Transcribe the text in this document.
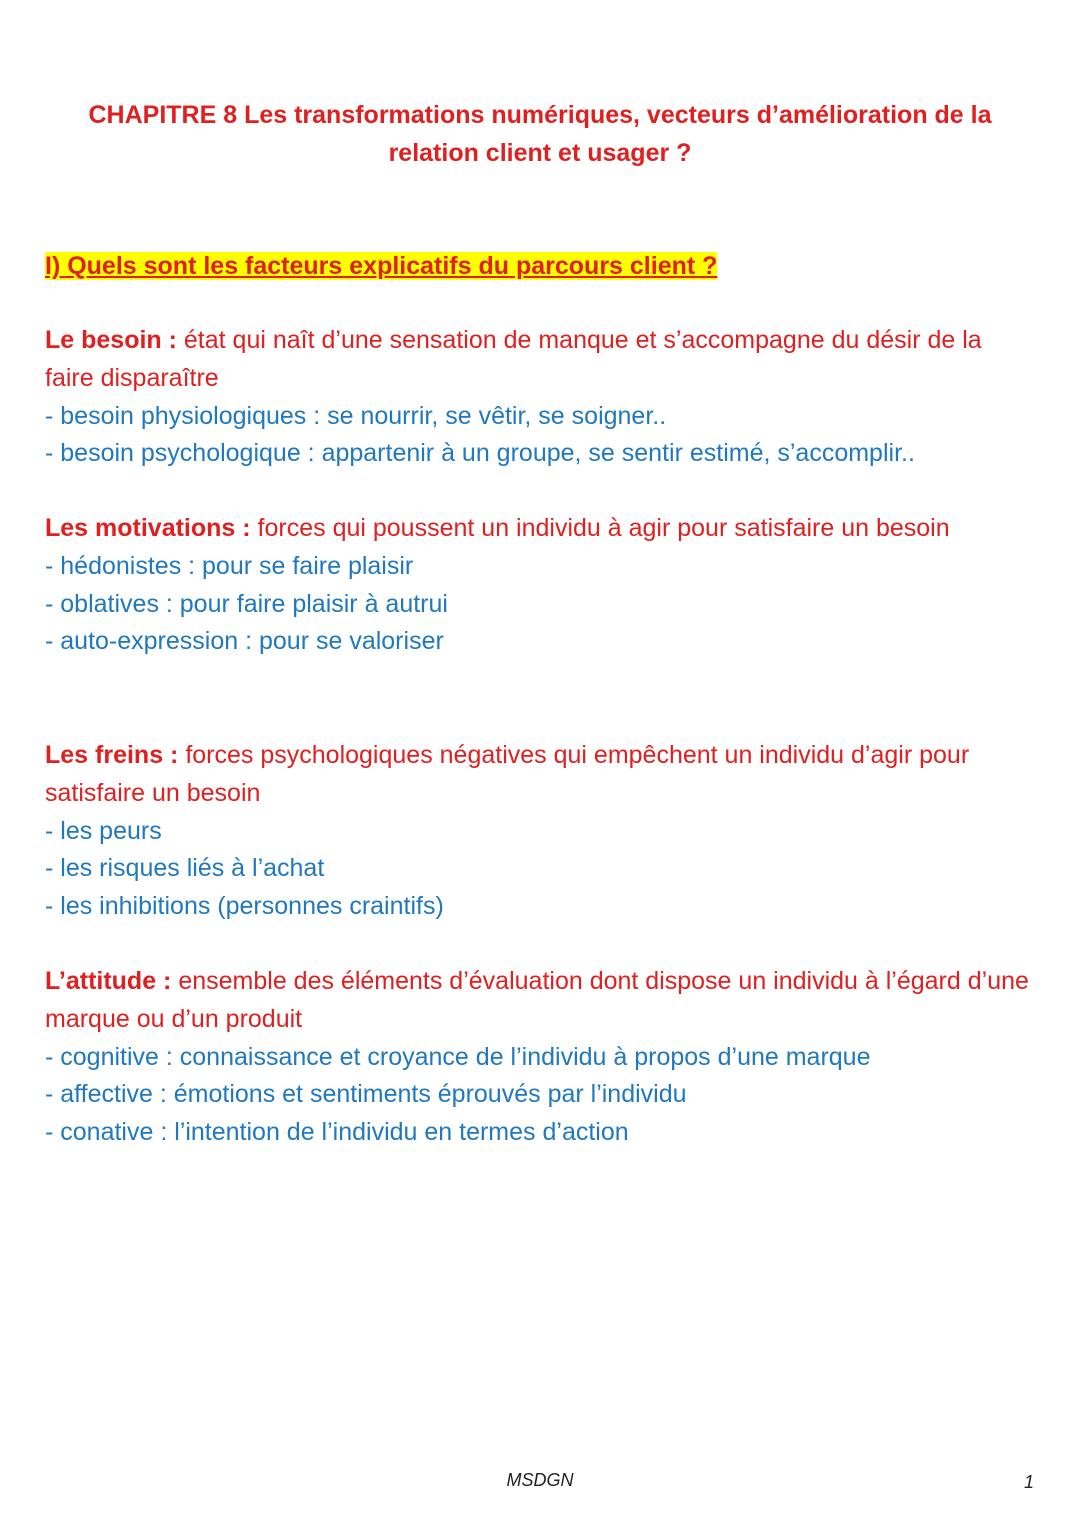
CHAPITRE 8 Les transformations numériques, vecteurs d’amélioration de la relation client et usager ?
I) Quels sont les facteurs explicatifs du parcours client ?
Le besoin : état qui naît d’une sensation de manque et s’accompagne du désir de la faire disparaître
- besoin physiologiques : se nourrir, se vêtir, se soigner..
- besoin psychologique : appartenir à un groupe, se sentir estimé, s’accomplir..
Les motivations : forces qui poussent un individu à agir pour satisfaire un besoin
- hédonistes : pour se faire plaisir
- oblatives : pour faire plaisir à autrui
- auto-expression : pour se valoriser
Les freins : forces psychologiques négatives qui empêchent un individu d’agir pour satisfaire un besoin
- les peurs
- les risques liés à l’achat
- les inhibitions (personnes craintifs)
L’attitude : ensemble des éléments d’évaluation dont dispose un individu à l’égard d’une marque ou d’un produit
- cognitive : connaissance et croyance de l’individu à propos d’une marque
- affective : émotions et sentiments éprouvés par l’individu
- conative : l’intention de l’individu en termes d’action
MSDGN	1
